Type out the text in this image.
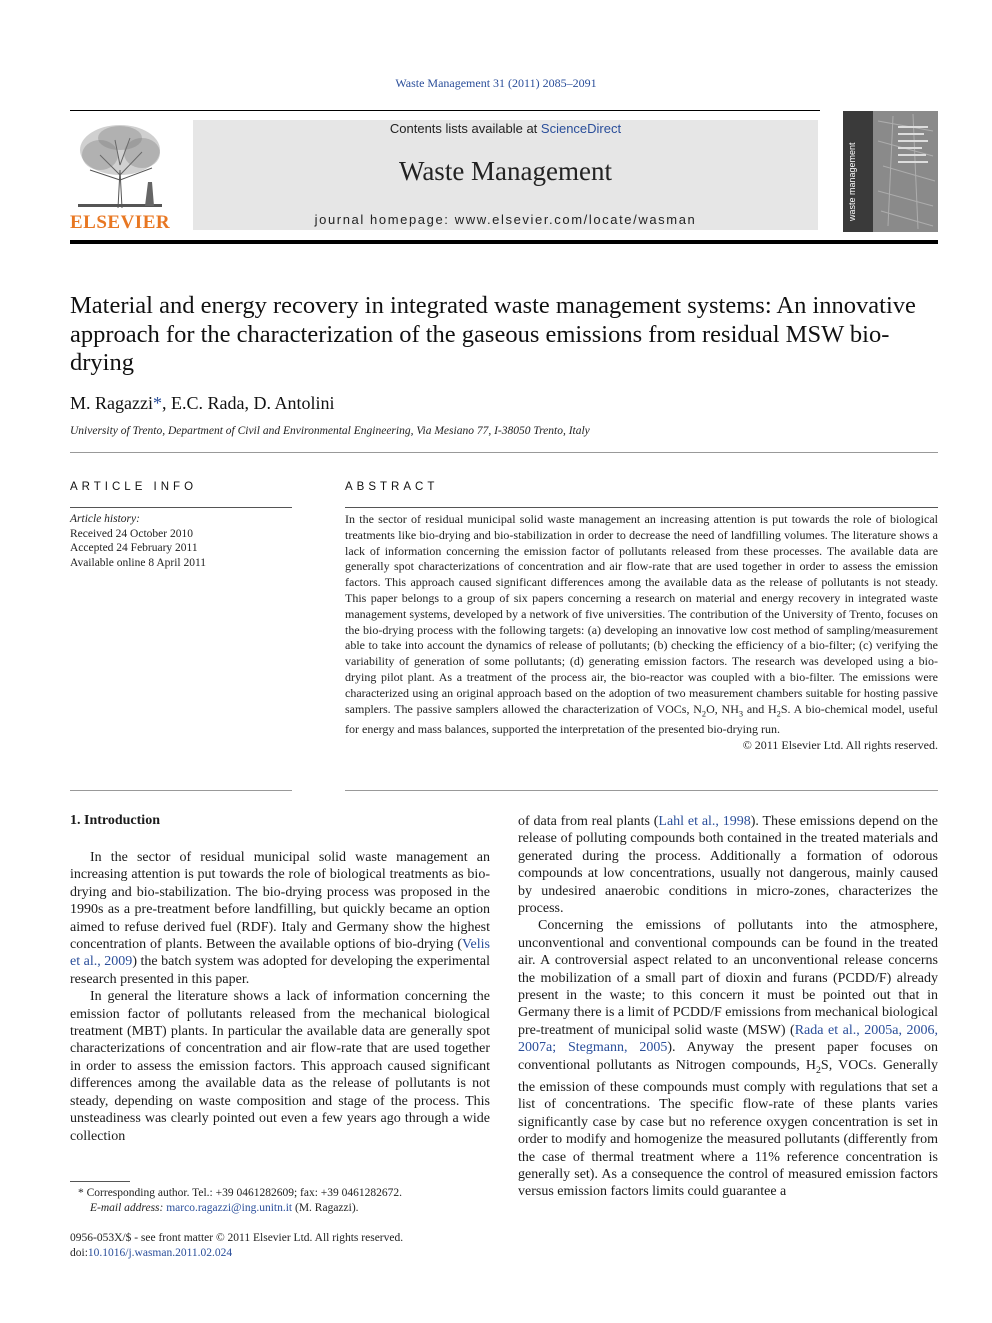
Waste Management 31 (2011) 2085–2091
ELSEVIER
Contents lists available at ScienceDirect
Waste Management
journal homepage: www.elsevier.com/locate/wasman	waste management
Material and energy recovery in integrated waste management systems: An innovative approach for the characterization of the gaseous emissions from residual MSW bio-drying
M. Ragazzi*, E.C. Rada, D. Antolini
University of Trento, Department of Civil and Environmental Engineering, Via Mesiano 77, I-38050 Trento, Italy
ARTICLE INFO
Article history:
Received 24 October 2010
Accepted 24 February 2011
Available online 8 April 2011
ABSTRACT
In the sector of residual municipal solid waste management an increasing attention is put towards the role of biological treatments like bio-drying and bio-stabilization in order to decrease the need of landfilling volumes. The literature shows a lack of information concerning the emission factor of pollutants released from these processes. The available data are generally spot characterizations of concentration and air flow-rate that are used together in order to assess the emission factors. This approach caused significant differences among the available data as the release of pollutants is not steady. This paper belongs to a group of six papers concerning a research on material and energy recovery in integrated waste management systems, developed by a network of five universities. The contribution of the University of Trento, focuses on the bio-drying process with the following targets: (a) developing an innovative low cost method of sampling/measurement able to take into account the dynamics of release of pollutants; (b) checking the efficiency of a bio-filter; (c) verifying the variability of generation of some pollutants; (d) generating emission factors. The research was developed using a bio-drying pilot plant. As a treatment of the process air, the bio-reactor was coupled with a bio-filter. The emissions were characterized using an original approach based on the adoption of two measurement chambers suitable for hosting passive samplers. The passive samplers allowed the characterization of VOCs, $N_2O$, $NH_3$ and $H_2S$. A bio-chemical model, useful for energy and mass balances, supported the interpretation of the presented bio-drying run.
© 2011 Elsevier Ltd. All rights reserved.
1. Introduction

In the sector of residual municipal solid waste management an increasing attention is put towards the role of biological treatments as bio-drying and bio-stabilization. The bio-drying process was proposed in the 1990s as a pre-treatment before landfilling, but quickly became an option aimed to refuse derived fuel (RDF). Italy and Germany show the highest concentration of plants. Between the available options of bio-drying (Velis et al., 2009) the batch system was adopted for developing the experimental research presented in this paper.

In general the literature shows a lack of information concerning the emission factor of pollutants released from the mechanical biological treatment (MBT) plants. In particular the available data are generally spot characterizations of concentration and air flow-rate that are used together in order to assess the emission factors. This approach caused significant differences among the available data as the release of pollutants is not steady, depending on waste composition and stage of the process. This unsteadiness was clearly pointed out even a few years ago through a wide collection

of data from real plants (Lahl et al., 1998). These emissions depend on the release of polluting compounds both contained in the treated materials and generated during the process. Additionally a formation of odorous compounds at low concentrations, usually not dangerous, mainly caused by undesired anaerobic conditions in micro-zones, characterizes the process.

Concerning the emissions of pollutants into the atmosphere, unconventional and conventional compounds can be found in the treated air. A controversial aspect related to an unconventional release concerns the mobilization of a small part of dioxin and furans (PCDD/F) already present in the waste; to this concern it must be pointed out that in Germany there is a limit of PCDD/F emissions from mechanical biological pre-treatment of municipal solid waste (MSW) (Rada et al., 2005a, 2006, 2007a; Stegmann, 2005). Anyway the present paper focuses on conventional pollutants as Nitrogen compounds, $H_2S$, VOCs. Generally the emission of these compounds must comply with regulations that set a list of concentrations. The specific flow-rate of these plants varies significantly case by case but no reference oxygen concentration is set in order to modify and homogenize the measured pollutants (differently from the case of thermal treatment where a 11% reference concentration is generally set). As a consequence the control of measured emission factors versus emission factors limits could guarantee a

* Corresponding author. Tel.: +39 0461282609; fax: +39 0461282672.
E-mail address: marco.ragazzi@ing.unitn.it (M. Ragazzi).
0956-053X/$ - see front matter © 2011 Elsevier Ltd. All rights reserved.
doi:10.1016/j.wasman.2011.02.024
